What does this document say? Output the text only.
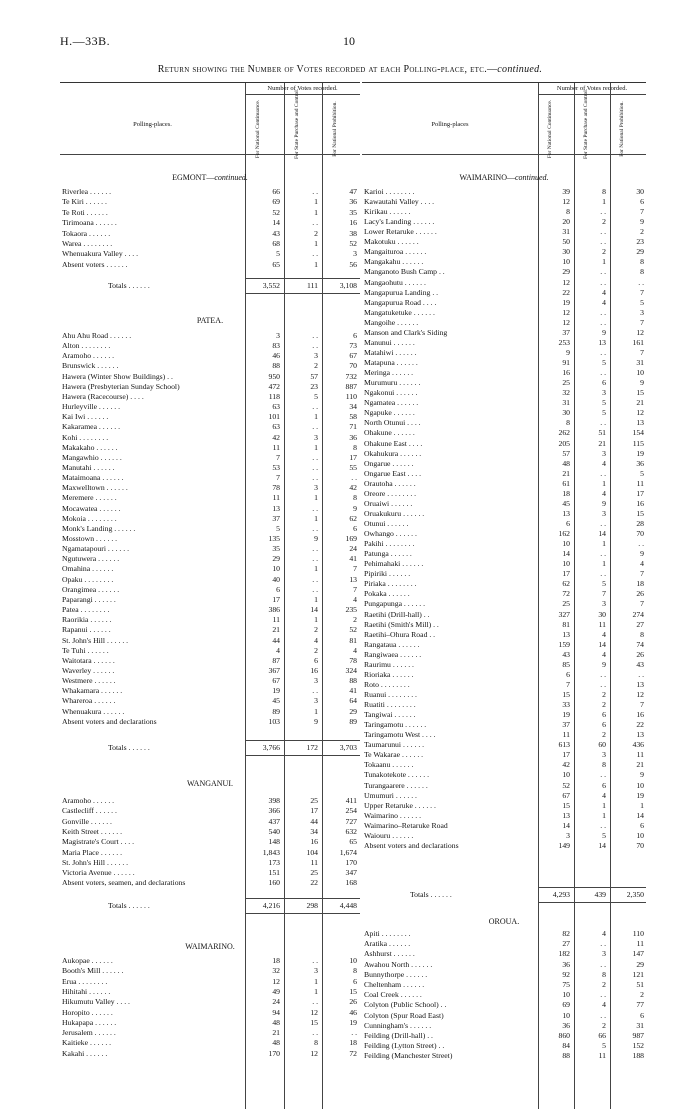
H.—33B.	10
Return showing the Number of Votes recorded at each Polling-place, etc.—continued.
Number of Votes recorded.
Polling-places.	For National Continuance.	For State Purchase and Control.	For National Prohibition.
EGMONT—continued.
Riverlea . . . . . .	66	. .	47
Te Kiri . . . . . .	69	1	36
Te Roti . . . . . .	52	1	35
Tirimoana . . . . . .	14	. .	16
Tokaora . . . . . .	43	2	38
Warea . . . . . . . .	68	1	52
Whenuakura Valley . . . .	5	. .	3
Absent voters . . . . . .	65	1	56
Totals . . . . . .	3,552	111	3,108
PATEA.
Ahu Ahu Road . . . . . .	3	. .	6
Alton . . . . . . . .	83	. .	73
Aramoho . . . . . .	46	3	67
Brunswick . . . . . .	88	2	70
Hawera (Winter Show Buildings) . .	950	57	732
Hawera (Presbyterian Sunday School)	472	23	887
Hawera (Racecourse) . . . .	118	5	110
Hurleyville . . . . . .	63	. .	34
Kai Iwi . . . . . .	101	1	58
Kakaramea . . . . . .	63	. .	71
Kohi . . . . . . . .	42	3	36
Makakaho . . . . . .	11	1	8
Mangawhio . . . . . .	7	. .	17
Manutahi . . . . . .	53	. .	55
Mataimoana . . . . . .	7	. .	. .
Maxwelltown . . . . . .	78	3	42
Meremere . . . . . .	11	1	8
Mocawatea . . . . . .	13	. .	9
Mokoia . . . . . . . .	37	1	62
Monk's Landing . . . . . .	5	. .	6
Mosstown . . . . . .	135	9	169
Ngamatapouri . . . . . .	35	. .	24
Ngutuwera . . . . . .	29	. .	41
Omahina . . . . . .	10	1	7
Opaku . . . . . . . .	40	. .	13
Orangimea . . . . . .	6	. .	7
Paparangi . . . . . .	17	1	4
Patea . . . . . . . .	386	14	235
Raorikia . . . . . .	11	1	2
Rapanui . . . . . .	21	2	52
St. John's Hill . . . . . .	44	4	81
Te Tuhi . . . . . .	4	2	4
Waitotara . . . . . .	87	6	78
Waverley . . . . . .	367	16	324
Westmere . . . . . .	67	3	88
Whakamara . . . . . .	19	. .	41
Whareroa . . . . . .	45	3	64
Whenuakura . . . . . .	89	1	29
Absent voters and declarations	103	9	89
Totals . . . . . .	3,766	172	3,703
WANGANUI.
Aramoho . . . . . .	398	25	411
Castlecliff . . . . . .	366	17	254
Gonville . . . . . .	437	44	727
Keith Street . . . . . .	540	34	632
Magistrate's Court . . . .	148	16	65
Maria Place . . . . . .	1,843	104	1,674
St. John's Hill . . . . . .	173	11	170
Victoria Avenue . . . . . .	151	25	347
Absent voters, seamen, and declarations	160	22	168
Totals . . . . . .	4,216	298	4,448
WAIMARINO.
Aukopae . . . . . .	18	. .	10
Booth's Mill . . . . . .	32	3	8
Erua . . . . . . . .	12	1	6
Hihitahi . . . . . .	49	1	15
Hikumutu Valley . . . .	24	. .	26
Horopito . . . . . .	94	12	46
Hukapapa . . . . . .	48	15	19
Jerusalem . . . . . .	21	. .	. .
Kaitieke . . . . . .	48	8	18
Kakahi . . . . . .	170	12	72
Number of Votes recorded.
Polling-places	For National Continuance.	For State Purchase and Control.	For National Prohibition.
WAIMARINO—continued.
Karioi . . . . . . . .	39	8	30
Kawautahi Valley . . . .	12	1	6
Kirikau . . . . . .	8	. .	7
Lacy's Landing . . . . . .	20	2	9
Lower Retaruke . . . . . .	31	. .	2
Makotuku . . . . . .	50	. .	23
Mangaituroa . . . . . .	30	2	29
Mangakahu . . . . . .	10	1	8
Manganoto Bush Camp . .	29	. .	8
Mangaohutu . . . . . .	12	. .	. .
Mangapurua Landing . .	22	4	7
Mangapurua Road . . . .	19	4	5
Mangatuketuke . . . . . .	12	. .	3
Mangoihe . . . . . .	12	. .	7
Manson and Clark's Siding	37	9	12
Manunui . . . . . .	253	13	161
Matahiwi . . . . . .	9	. .	7
Matapuna . . . . . .	91	5	31
Meringa . . . . . .	16	. .	10
Murumuru . . . . . .	25	6	9
Ngakonui . . . . . .	32	3	15
Ngamatea . . . . . .	31	5	21
Ngapuke . . . . . .	30	5	12
North Otunui . . . .	8	. .	13
Ohakune . . . . . .	262	51	154
Ohakune East . . . .	205	21	115
Okahukura . . . . . .	57	3	19
Ongarue . . . . . .	48	4	36
Ongarue East . . . .	21	. .	5
Orautoha . . . . . .	61	1	11
Oreore . . . . . . . .	18	4	17
Oruaiwi . . . . . .	45	9	16
Oruakukuru . . . . . .	13	3	15
Otunui . . . . . .	6	. .	28
Owhango . . . . . .	162	14	70
Pakihi . . . . . . . .	10	1	. .
Patunga . . . . . .	14	. .	9
Pehimahaki . . . . . .	10	1	4
Pipiriki . . . . . .	17	. .	7
Piriaka . . . . . . . .	62	5	18
Pokaka . . . . . .	72	7	26
Pungapunga . . . . . .	25	3	7
Raetihi (Drill-hall) . .	327	30	274
Raetihi (Smith's Mill) . .	81	11	27
Raetihi–Ohura Road . .	13	4	8
Rangataua . . . . . .	159	14	74
Rangiwaea . . . . . .	43	4	26
Raurimu . . . . . .	85	9	43
Rioriaka . . . . . .	6	. .	. .
Roto . . . . . . . .	7	. .	13
Ruanui . . . . . . . .	15	2	12
Ruatiti . . . . . . . .	33	2	7
Tangiwai . . . . . .	19	6	16
Taringamotu . . . . . .	37	6	22
Taringamotu West . . . .	11	2	13
Taumarunui . . . . . .	613	60	436
Te Wakarae . . . . . .	17	3	11
Tokaanu . . . . . .	42	8	21
Tunakotekote . . . . . .	10	. .	9
Turangaarere . . . . . .	52	6	10
Umumuri . . . . . .	67	4	19
Upper Retaruke . . . . . .	15	1	1
Waimarino . . . . . .	13	1	14
Waimarino–Retaruke Road	14	. .	6
Waiouru . . . . . .	3	5	10
Absent voters and declarations	149	14	70
Totals . . . . . .	4,293	439	2,350
OROUA.
Apiti . . . . . . . .	82	4	110
Aratika . . . . . .	27	. .	11
Ashhurst . . . . . .	182	3	147
Awahou North . . . . . .	36	. .	29
Bunnythorpe . . . . . .	92	8	121
Cheltenham . . . . . .	75	2	51
Coal Creek . . . . . .	10	. .	2
Colyton (Public School) . .	69	4	77
Colyton (Spur Road East)	10	. .	6
Cunningham's . . . . . .	36	2	31
Feilding (Drill-hall) . .	860	66	987
Feilding (Lytton Street) . .	84	5	152
Feilding (Manchester Street)	88	11	188
